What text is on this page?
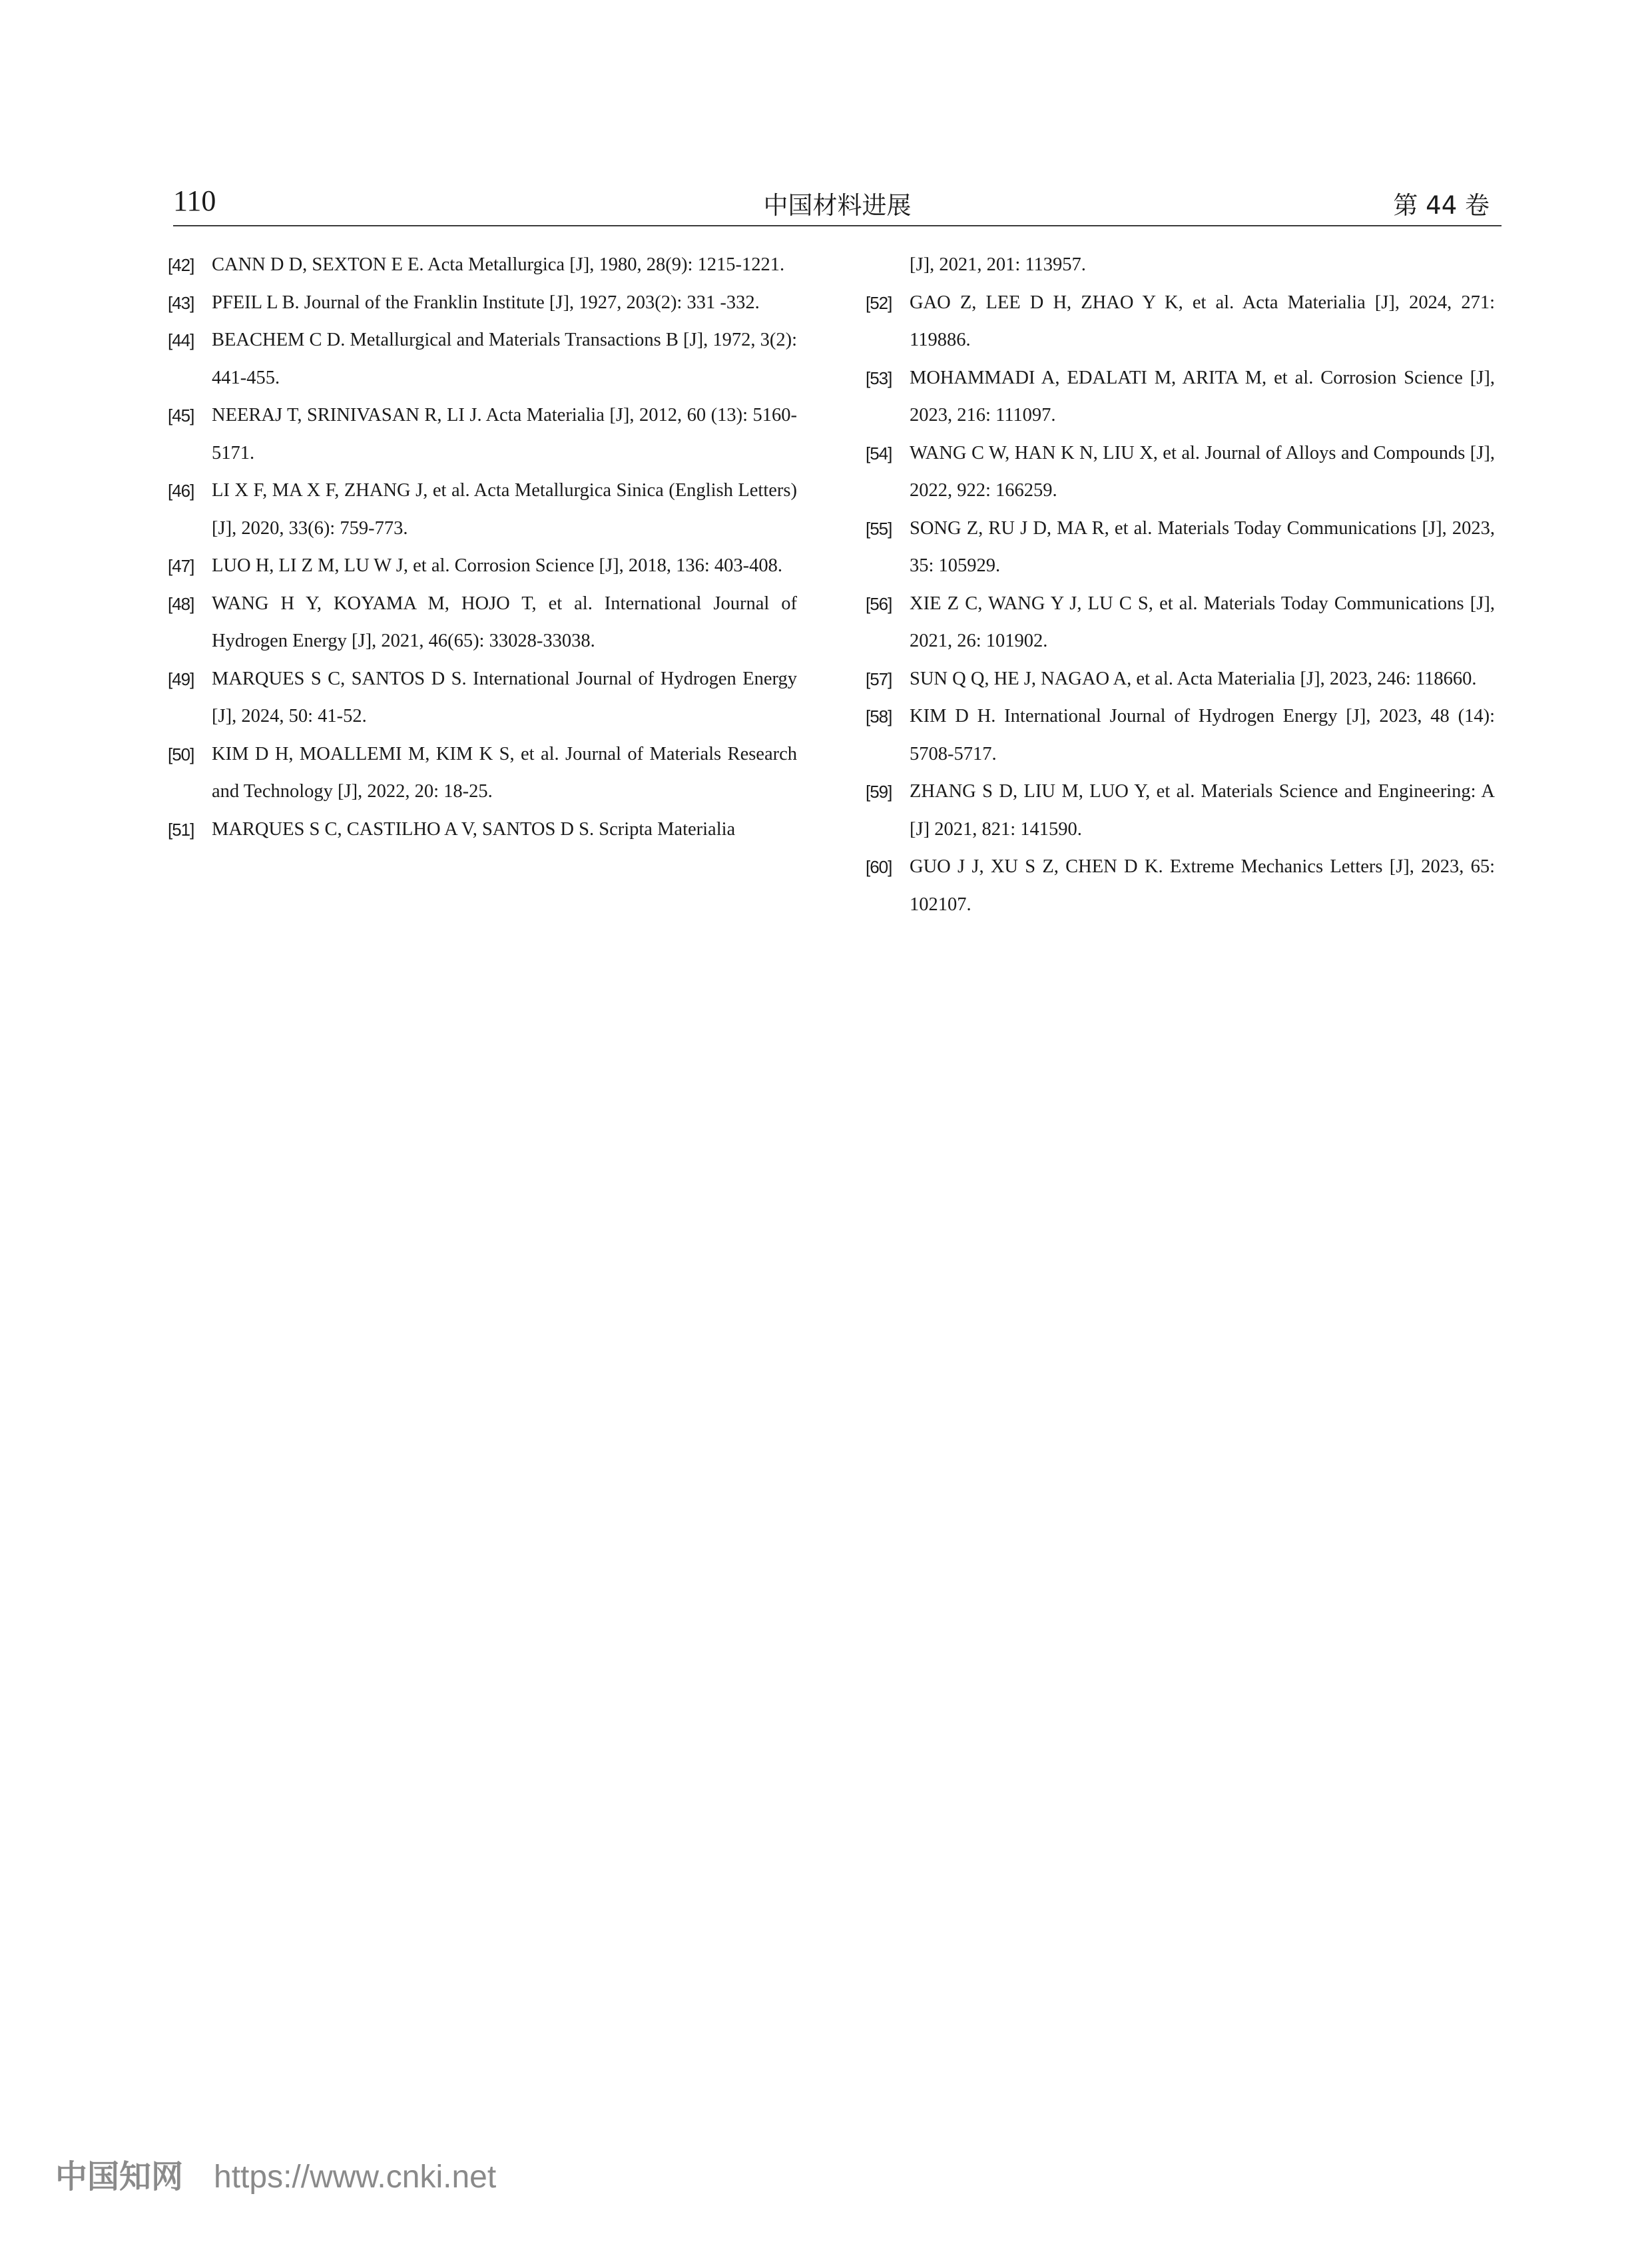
110	中国材料进展	第 44 卷
[42] CANN D D, SEXTON E E. Acta Metallurgica [J], 1980, 28(9): 1215-1221.
[43] PFEIL L B. Journal of the Franklin Institute [J], 1927, 203(2): 331 -332.
[44] BEACHEM C D. Metallurgical and Materials Transactions B [J], 1972, 3(2): 441-455.
[45] NEERAJ T, SRINIVASAN R, LI J. Acta Materialia [J], 2012, 60 (13): 5160-5171.
[46] LI X F, MA X F, ZHANG J, et al. Acta Metallurgica Sinica (English Letters) [J], 2020, 33(6): 759-773.
[47] LUO H, LI Z M, LU W J, et al. Corrosion Science [J], 2018, 136: 403-408.
[48] WANG H Y, KOYAMA M, HOJO T, et al. International Journal of Hydrogen Energy [J], 2021, 46(65): 33028-33038.
[49] MARQUES S C, SANTOS D S. International Journal of Hydrogen Energy [J], 2024, 50: 41-52.
[50] KIM D H, MOALLEMI M, KIM K S, et al. Journal of Materials Research and Technology [J], 2022, 20: 18-25.
[51] MARQUES S C, CASTILHO A V, SANTOS D S. Scripta Materialia
[J], 2021, 201: 113957.
[52] GAO Z, LEE D H, ZHAO Y K, et al. Acta Materialia [J], 2024, 271: 119886.
[53] MOHAMMADI A, EDALATI M, ARITA M, et al. Corrosion Science [J], 2023, 216: 111097.
[54] WANG C W, HAN K N, LIU X, et al. Journal of Alloys and Compounds [J], 2022, 922: 166259.
[55] SONG Z, RU J D, MA R, et al. Materials Today Communications [J], 2023, 35: 105929.
[56] XIE Z C, WANG Y J, LU C S, et al. Materials Today Communications [J], 2021, 26: 101902.
[57] SUN Q Q, HE J, NAGAO A, et al. Acta Materialia [J], 2023, 246: 118660.
[58] KIM D H. International Journal of Hydrogen Energy [J], 2023, 48 (14): 5708-5717.
[59] ZHANG S D, LIU M, LUO Y, et al. Materials Science and Engineering: A [J] 2021, 821: 141590.
[60] GUO J J, XU S Z, CHEN D K. Extreme Mechanics Letters [J], 2023, 65: 102107.
中国知网 https://www.cnki.net
